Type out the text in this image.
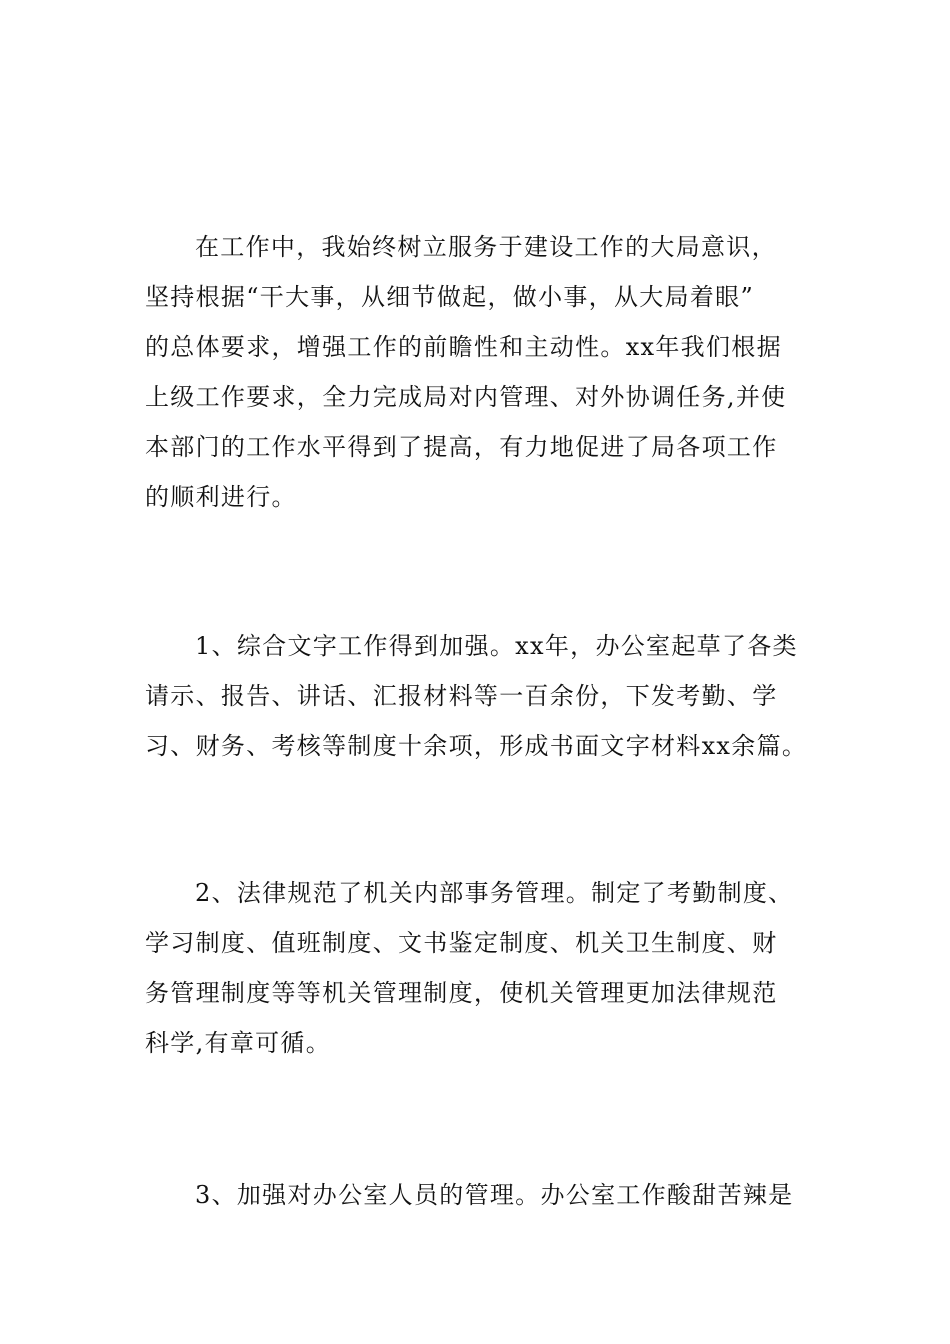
在工作中，我始终树立服务于建设工作的大局意识，
坚持根据“干大事，从细节做起，做小事，从大局着眼”
的总体要求，增强工作的前瞻性和主动性。xx年我们根据
上级工作要求，全力完成局对内管理、对外协调任务,并使
本部门的工作水平得到了提高，有力地促进了局各项工作
的顺利进行。

1、综合文字工作得到加强。xx年，办公室起草了各类
请示、报告、讲话、汇报材料等一百余份，下发考勤、学
习、财务、考核等制度十余项，形成书面文字材料xx余篇。

2、法律规范了机关内部事务管理。制定了考勤制度、
学习制度、值班制度、文书鉴定制度、机关卫生制度、财
务管理制度等等机关管理制度，使机关管理更加法律规范
科学,有章可循。

3、加强对办公室人员的管理。办公室工作酸甜苦辣是
